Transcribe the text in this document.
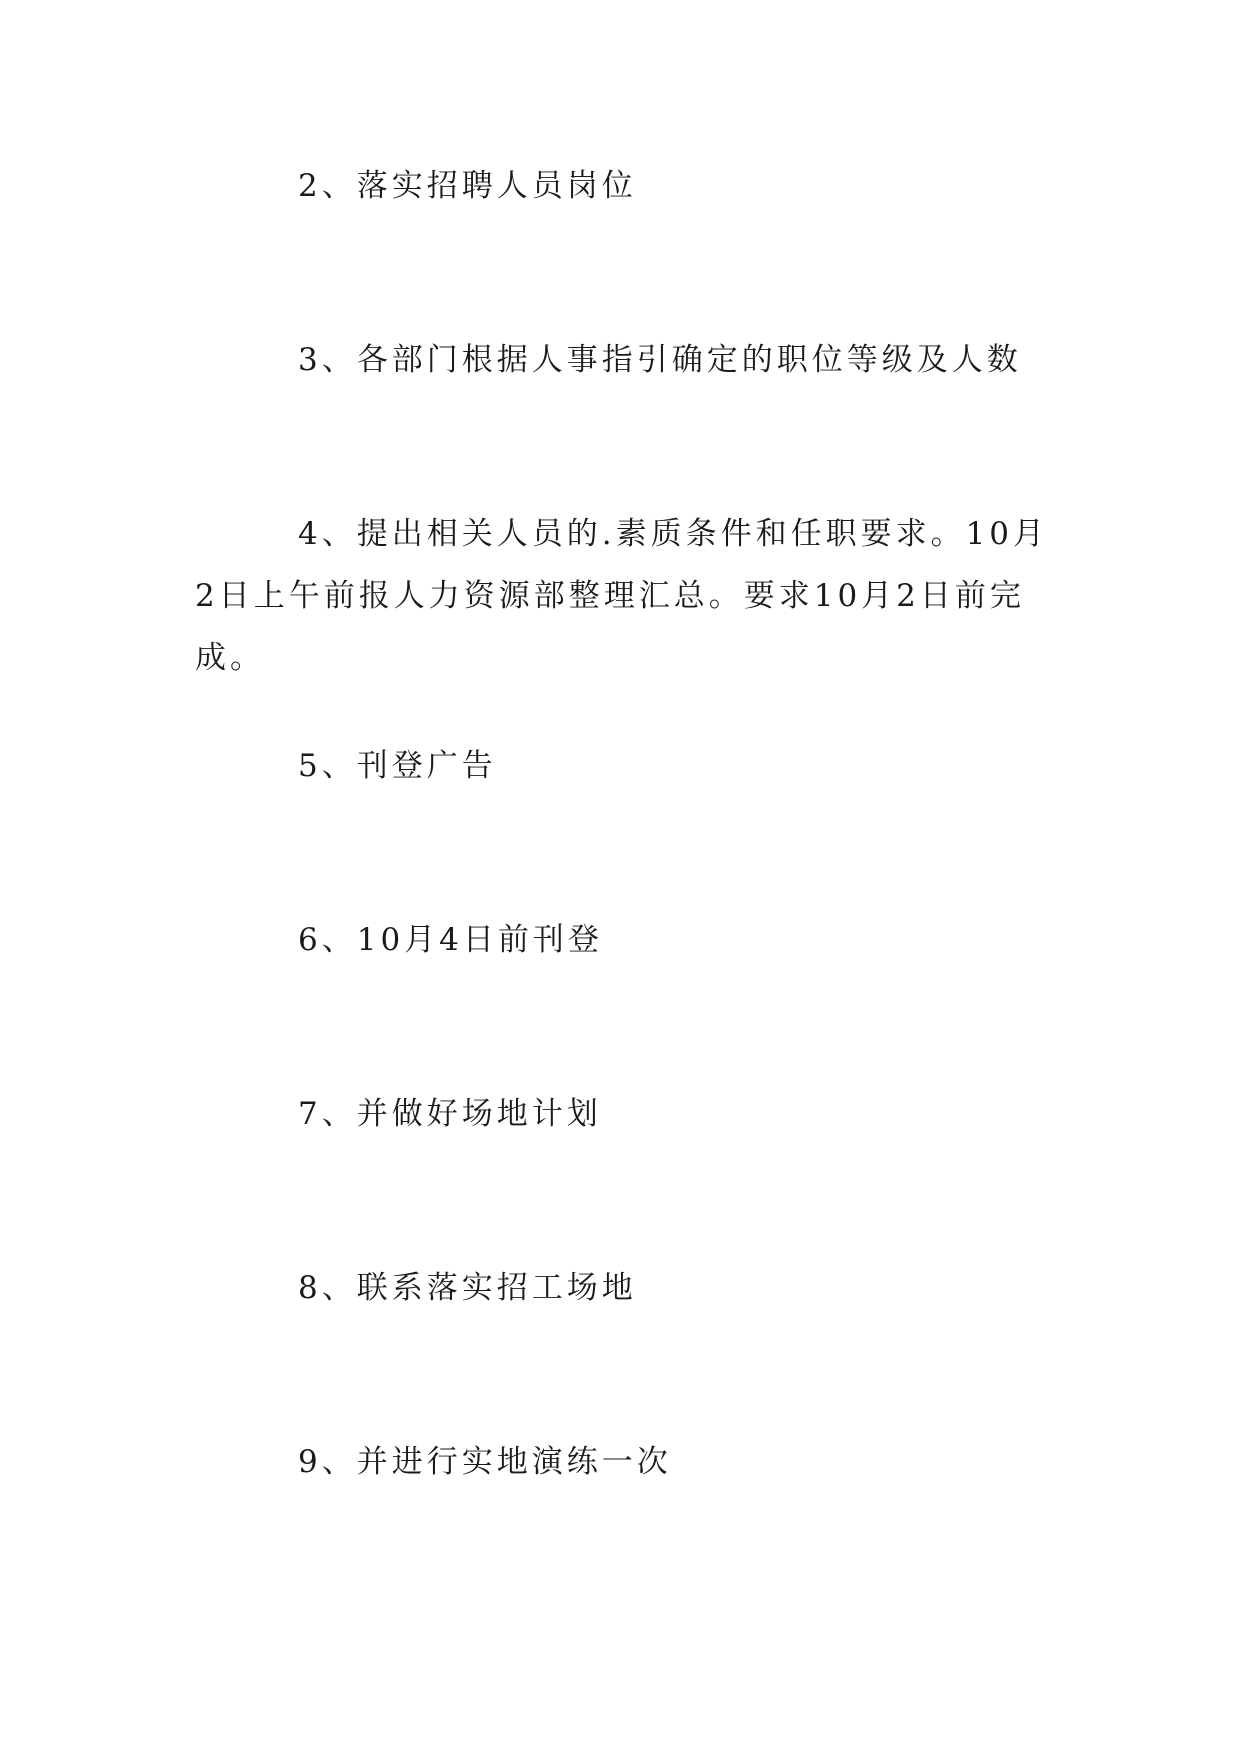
2、落实招聘人员岗位

3、各部门根据人事指引确定的职位等级及人数

4、提出相关人员的.素质条件和任职要求。10月2日上午前报人力资源部整理汇总。要求10月2日前完成。

5、刊登广告

6、10月4日前刊登

7、并做好场地计划

8、联系落实招工场地

9、并进行实地演练一次
